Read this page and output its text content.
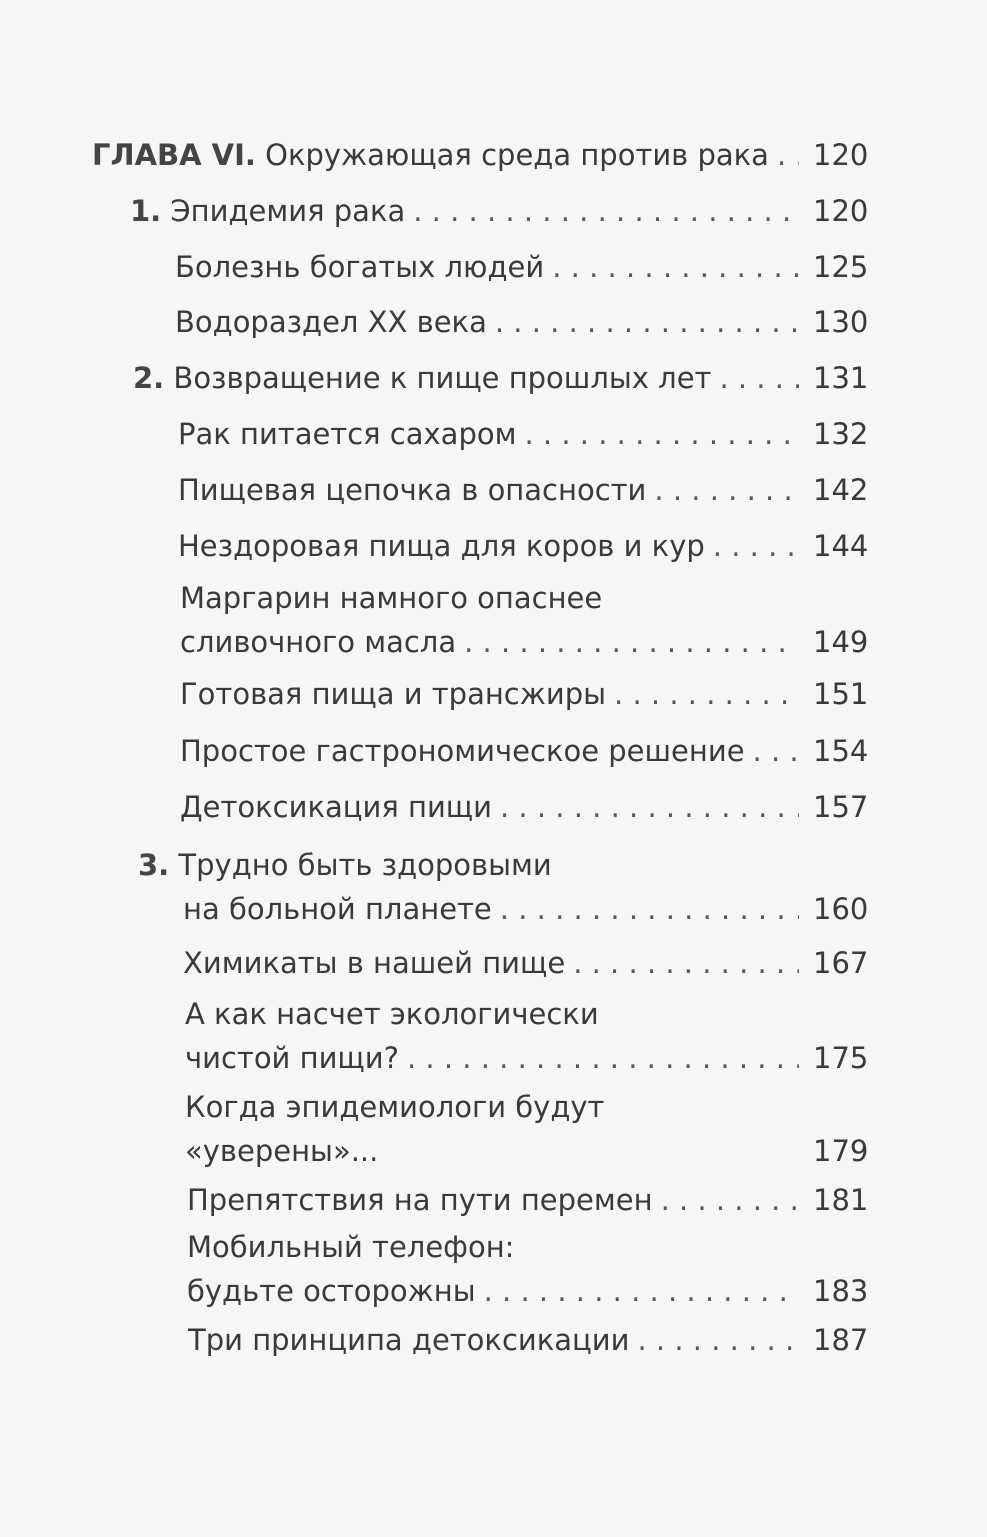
ГЛАВА VI. Окружающая среда против рака . . . 120
1. Эпидемия рака . . .	120
Болезнь богатых людей . . .	125
Водораздел XX века . . .	130
2. Возвращение к пище прошлых лет . . .	131
Рак питается сахаром . . .	132
Пищевая цепочка в опасности . . .	142
Нездоровая пища для коров и кур . . .	144
Маргарин намного опаснее
сливочного масла . . .	149
Готовая пища и трансжиры . . .	151
Простое гастрономическое решение . . . 154
Детоксикация пищи . . .	157
3. Трудно быть здоровыми
на больной планете . . .	160
Химикаты в нашей пище . . .	167
А как насчет экологически
чистой пищи? . . .	175
Когда эпидемиологи будут
«уверены»...	179
Препятствия на пути перемен . . .	181
Мобильный телефон:
будьте осторожны . . .	183
Три принципа детоксикации . . .	187
